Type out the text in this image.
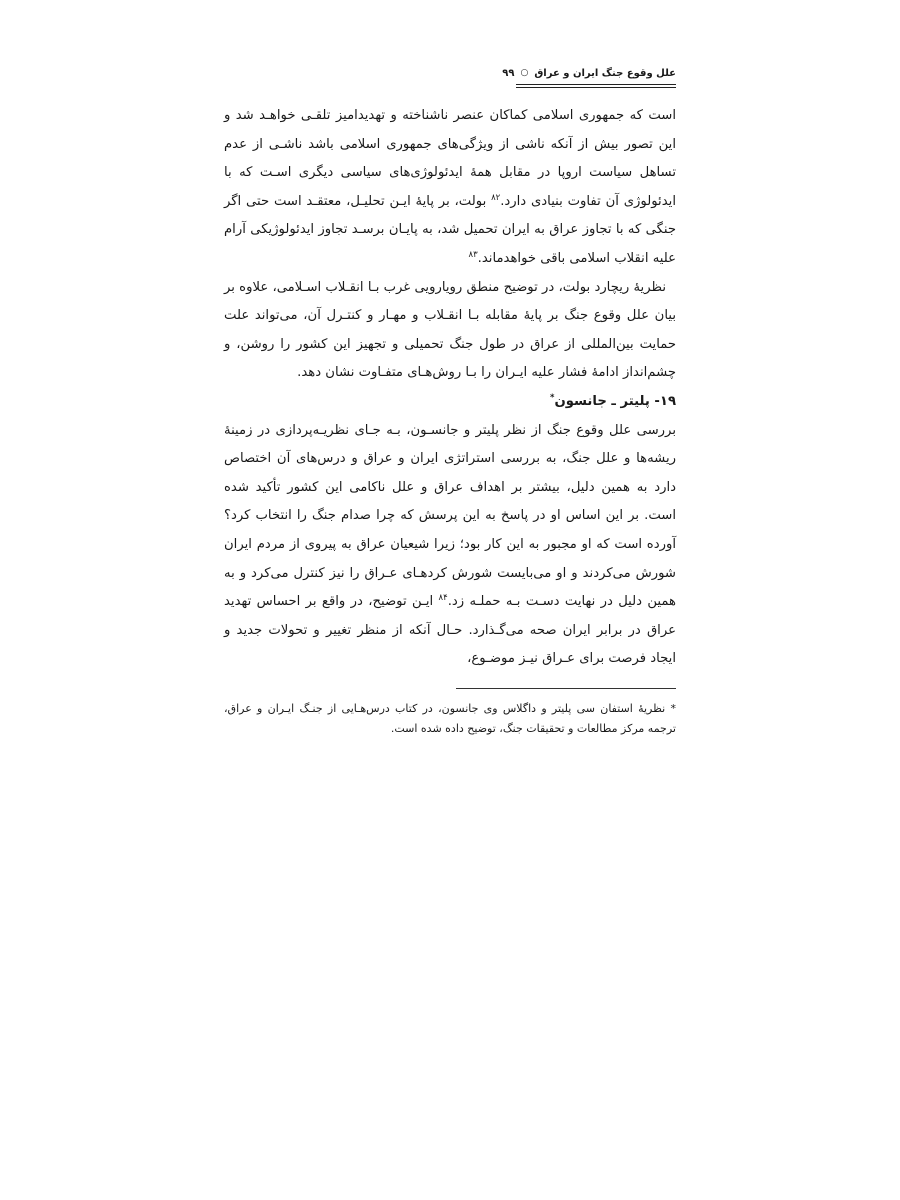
علل وقوع جنگ ایران و عراق
○
۹۹

است که جمهوری اسلامی کماکان عنصر ناشناخته و تهدیدامیز تلقـی خواهـد شد و این تصور بیش از آنکه ناشی از ویژگی‌های جمهوری اسلامی باشد ناشـی از عدم تساهل سیاست اروپا در مقابل همهٔ ایدئولوژی‌های سیاسی دیگری اسـت که با ایدئولوژی آن تفاوت بنیادی دارد.$^{۸۲}$ بولت، بر پایهٔ ایـن تحلیـل، معتقـد است حتی اگر جنگی که با تجاوز عراق به ایران تحمیل شد، به پایـان برسـد تجاوز ایدئولوژیکی آرام علیه انقلاب اسلامی باقی خواهدماند.$^{۸۳}$

نظریهٔ ریچارد بولت، در توضیح منطق رویارویی غرب بـا انقـلاب اسـلامی، علاوه بر بیان علل وقوع جنگ بر پایهٔ مقابله بـا انقـلاب و مهـار و کنتـرل آن، می‌تواند علت حمایت بین‌المللی از عراق در طول جنگ تحمیلی و تجهیز این کشور را روشن، و چشم‌انداز ادامهٔ فشار علیه ایـران را بـا روش‌هـای متفـاوت نشان دهد.

۱۹- پلیتر ـ جانسون*

بررسی علل وقوع جنگ از نظر پلیتر و جانسـون، بـه جـای نظریـه‌پردازی در زمینهٔ ریشه‌ها و علل جنگ، به بررسی استراتژی ایران و عراق و درس‌های آن اختصاص دارد به همین دلیل، بیشتر بر اهداف عراق و علل ناکامی این کشور تأکید شده است. بر این اساس او در پاسخ به این پرسش که چرا صدام جنگ را انتخاب کرد؟ آورده است که او مجبور به این کار بود؛ زیرا شیعیان عراق به پیروی از مردم ایران شورش می‌کردند و او می‌بایست شورش کردهـای عـراق را نیز کنترل می‌کرد و به همین دلیل در نهایت دسـت بـه حملـه زد.$^{۸۴}$ ایـن توضیح، در واقع بر احساس تهدید عراق در برابر ایران صحه می‌گـذارد. حـال آنکه از منظر تغییر و تحولات جدید و ایجاد فرصت برای عـراق نیـز موضـوع،

* نظریهٔ استفان سی پلیتر و داگلاس وی جانسون، در کتاب درس‌هـایی از جنـگ ایـران و عراق، ترجمه مرکز مطالعات و تحقیقات جنگ، توضیح داده شده است.
